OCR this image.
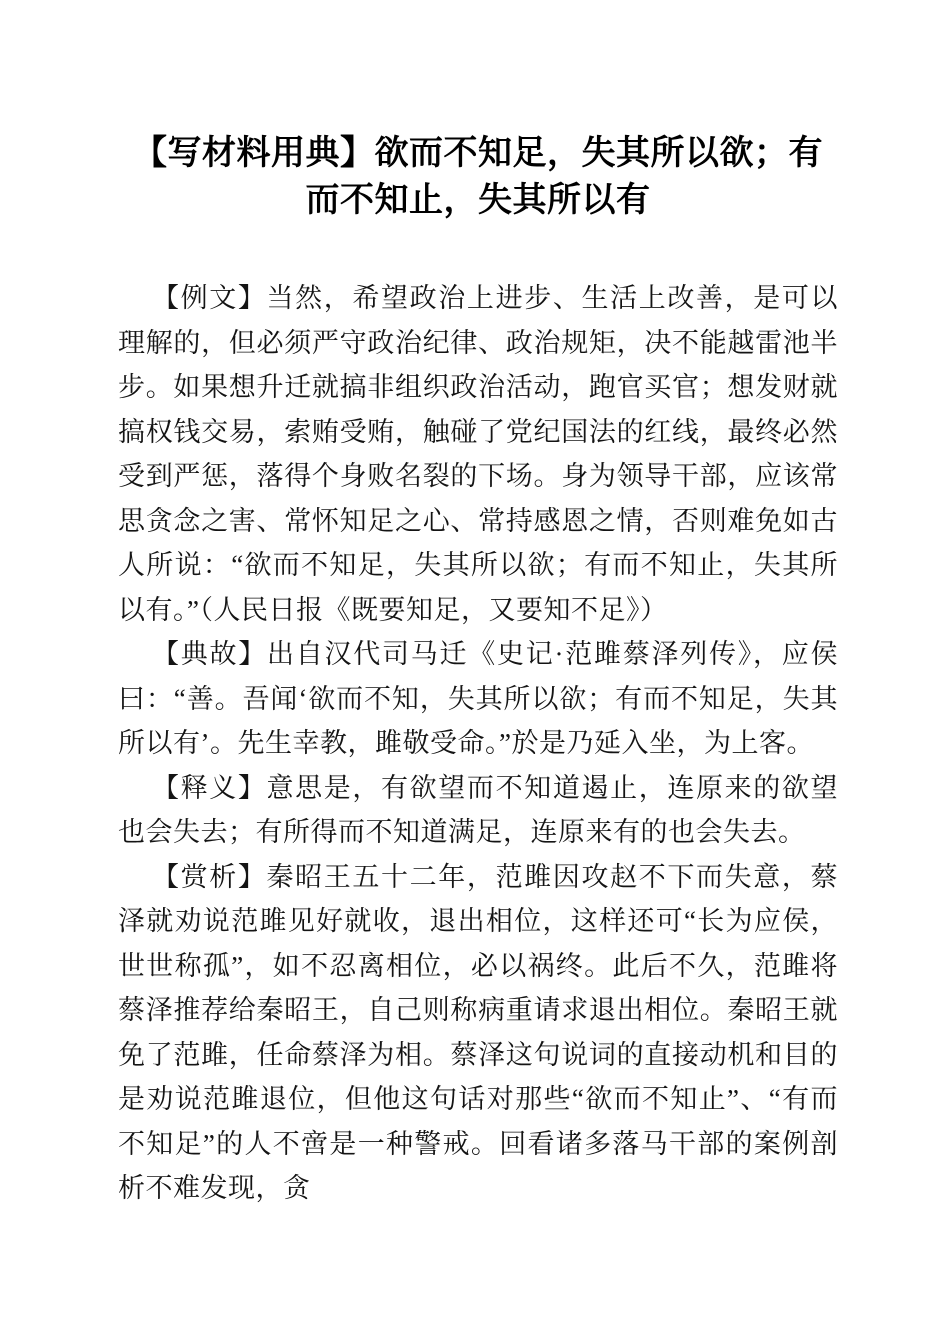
【写材料用典】欲而不知足，失其所以欲；有而不知止，失其所以有

【例文】当然，希望政治上进步、生活上改善，是可以理解的，但必须严守政治纪律、政治规矩，决不能越雷池半步。如果想升迁就搞非组织政治活动，跑官买官；想发财就搞权钱交易，索贿受贿，触碰了党纪国法的红线，最终必然受到严惩，落得个身败名裂的下场。身为领导干部，应该常思贪念之害、常怀知足之心、常持感恩之情，否则难免如古人所说：“欲而不知足，失其所以欲；有而不知止，失其所以有。”（人民日报《既要知足，又要知不足》）

【典故】出自汉代司马迁《史记·范雎蔡泽列传》，应侯曰：“善。吾闻‘欲而不知，失其所以欲；有而不知足，失其所以有’。先生幸教，雎敬受命。”於是乃延入坐，为上客。

【释义】意思是，有欲望而不知道遏止，连原来的欲望也会失去；有所得而不知道满足，连原来有的也会失去。

【赏析】秦昭王五十二年，范雎因攻赵不下而失意，蔡泽就劝说范雎见好就收，退出相位，这样还可“长为应侯，世世称孤”，如不忍离相位，必以祸终。此后不久，范雎将蔡泽推荐给秦昭王，自己则称病重请求退出相位。秦昭王就免了范雎，任命蔡泽为相。蔡泽这句说词的直接动机和目的是劝说范雎退位，但他这句话对那些“欲而不知止”、“有而不知足”的人不啻是一种警戒。回看诸多落马干部的案例剖析不难发现，贪
